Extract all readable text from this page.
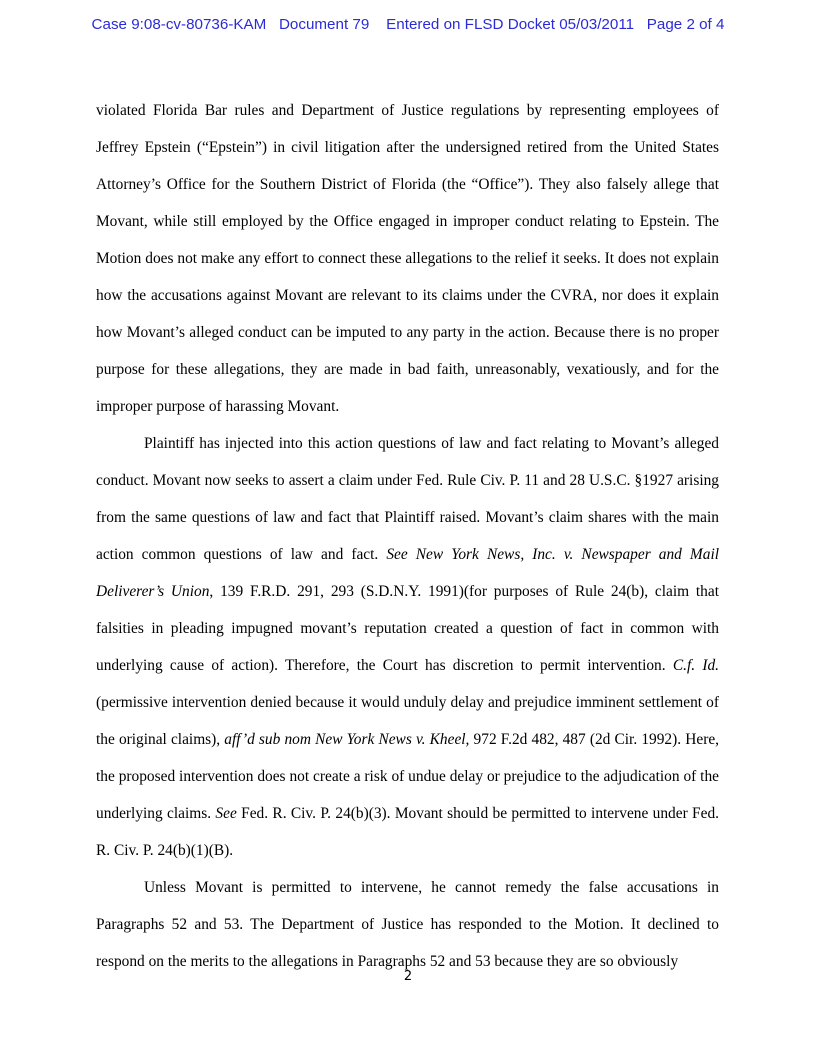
Case 9:08-cv-80736-KAM   Document 79    Entered on FLSD Docket 05/03/2011   Page 2 of 4

violated Florida Bar rules and Department of Justice regulations by representing employees of Jeffrey Epstein (“Epstein”) in civil litigation after the undersigned retired from the United States Attorney’s Office for the Southern District of Florida (the “Office”). They also falsely allege that Movant, while still employed by the Office engaged in improper conduct relating to Epstein. The Motion does not make any effort to connect these allegations to the relief it seeks. It does not explain how the accusations against Movant are relevant to its claims under the CVRA, nor does it explain how Movant’s alleged conduct can be imputed to any party in the action. Because there is no proper purpose for these allegations, they are made in bad faith, unreasonably, vexatiously, and for the improper purpose of harassing Movant.

Plaintiff has injected into this action questions of law and fact relating to Movant’s alleged conduct. Movant now seeks to assert a claim under Fed. Rule Civ. P. 11 and 28 U.S.C. §1927 arising from the same questions of law and fact that Plaintiff raised. Movant’s claim shares with the main action common questions of law and fact. See New York News, Inc. v. Newspaper and Mail Deliverer’s Union, 139 F.R.D. 291, 293 (S.D.N.Y. 1991)(for purposes of Rule 24(b), claim that falsities in pleading impugned movant’s reputation created a question of fact in common with underlying cause of action). Therefore, the Court has discretion to permit intervention. C.f. Id. (permissive intervention denied because it would unduly delay and prejudice imminent settlement of the original claims), aff’d sub nom New York News v. Kheel, 972 F.2d 482, 487 (2d Cir. 1992). Here, the proposed intervention does not create a risk of undue delay or prejudice to the adjudication of the underlying claims. See Fed. R. Civ. P. 24(b)(3). Movant should be permitted to intervene under Fed. R. Civ. P. 24(b)(1)(B).

Unless Movant is permitted to intervene, he cannot remedy the false accusations in Paragraphs 52 and 53. The Department of Justice has responded to the Motion. It declined to respond on the merits to the allegations in Paragraphs 52 and 53 because they are so obviously

2
